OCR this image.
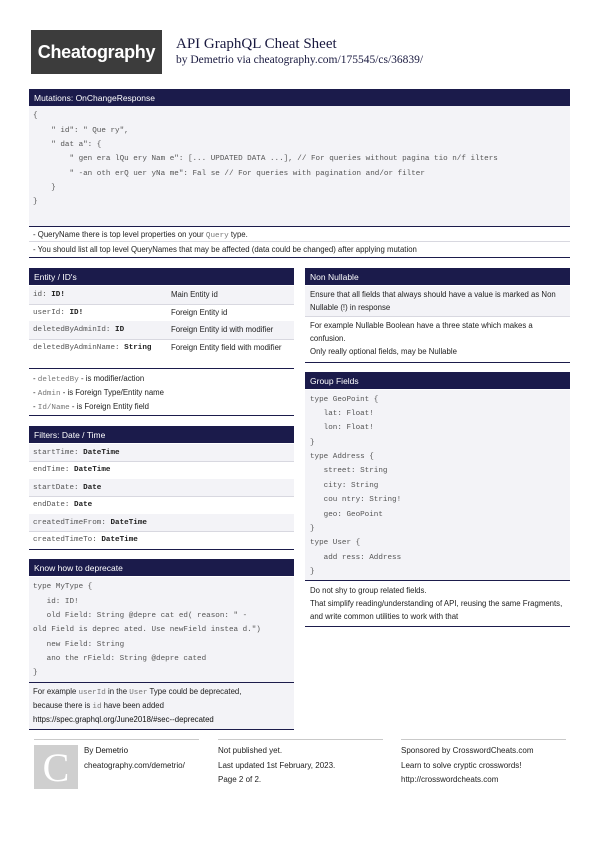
Cheatography	API GraphQL Cheat Sheet
by Demetrio via cheatography.com/175545/cs/36839/
Mutations: OnChangeResponse
{
" id": " Que ry",
" dat a": {
" gen era lQu ery Nam e": [... UPDATED DATA ...], // For queries without pagina tio n/f ilters
" -an oth erQ uer yNa me": Fal se // For queries with pagination and/or filter
}
}
- QueryName there is top level properties on your Query type.
- You should list all top level QueryNames that may be affected (data could be changed) after applying mutation
Entity / ID's
id: ID!	Main Entity id
userId: ID!	Foreign Entity id
deletedByAdminId: ID	Foreign Entity id with modifier
deletedByAdminName: String	Foreign Entity field with modifier
- deletedBy - is modifier/action
- Admin - is Foreign Type/Entity name
- Id/Name - is Foreign Entity field
Filters: Date / Time
startTime: DateTime
endTime: DateTime
startDate: Date
endDate: Date
createdTimeFrom: DateTime
createdTimeTo: DateTime
Know how to deprecate
type MyType {
id: ID!
old Field: String @depre cat ed( reason: " -
old Field is deprec ated. Use newField instea d.")
new Field: String
ano the rField: String @depre cated
}
For example userId in the User Type could be deprecated,
because there is id have been added
https://spec.graphql.org/June2018/#sec--deprecated
Non Nullable
Ensure that all fields that always should have a value is marked as Non Nullable (!) in response
For example Nullable Boolean have a three state which makes a confusion.
Only really optional fields, may be Nullable
Group Fields
type GeoPoint {
lat: Float!
lon: Float!
}
type Address {
street: String
city: String
cou ntry: String!
geo: GeoPoint
}
type User {
add ress: Address
}
Do not shy to group related fields.
That simplify reading/understanding of API, reusing the same Fragments, and write common utilities to work with that
C	By Demetrio
cheatography.com/demetrio/
Not published yet.
Last updated 1st February, 2023.
Page 2 of 2.
Sponsored by CrosswordCheats.com
Learn to solve cryptic crosswords!
http://crosswordcheats.com
